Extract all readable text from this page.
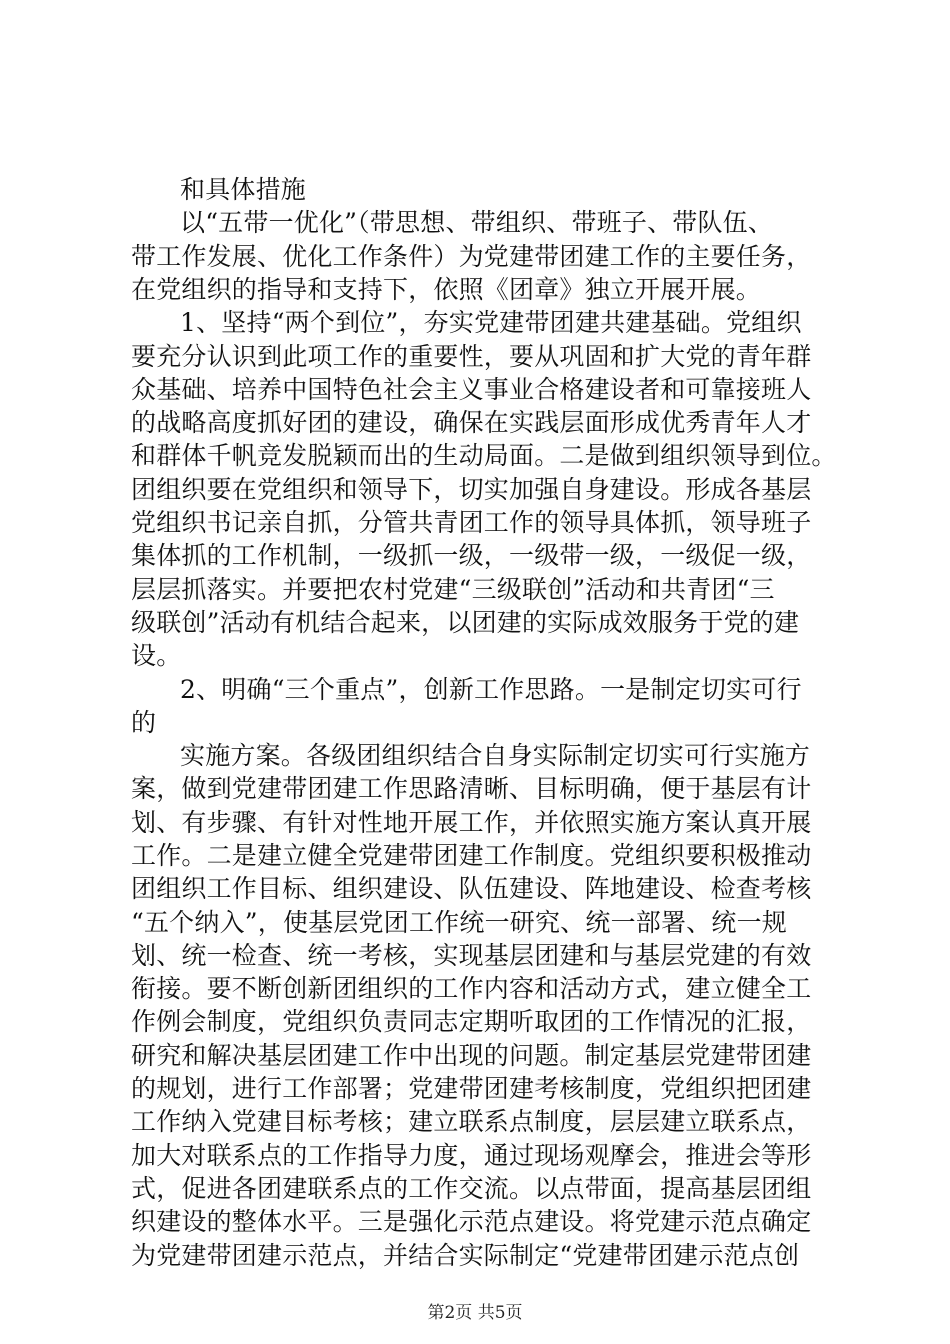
和具体措施
以“五带一优化”（带思想、带组织、带班子、带队伍、
带工作发展、优化工作条件）为党建带团建工作的主要任务，
在党组织的指导和支持下，依照《团章》独立开展开展。
1、坚持“两个到位”，夯实党建带团建共建基础。党组织
要充分认识到此项工作的重要性，要从巩固和扩大党的青年群
众基础、培养中国特色社会主义事业合格建设者和可靠接班人
的战略高度抓好团的建设，确保在实践层面形成优秀青年人才
和群体千帆竞发脱颖而出的生动局面。二是做到组织领导到位。
团组织要在党组织和领导下，切实加强自身建设。形成各基层
党组织书记亲自抓，分管共青团工作的领导具体抓，领导班子
集体抓的工作机制，一级抓一级，一级带一级，一级促一级，
层层抓落实。并要把农村党建“三级联创”活动和共青团“三
级联创”活动有机结合起来，以团建的实际成效服务于党的建
设。
2、明确“三个重点”，创新工作思路。一是制定切实可行
的
实施方案。各级团组织结合自身实际制定切实可行实施方
案，做到党建带团建工作思路清晰、目标明确，便于基层有计
划、有步骤、有针对性地开展工作，并依照实施方案认真开展
工作。二是建立健全党建带团建工作制度。党组织要积极推动
团组织工作目标、组织建设、队伍建设、阵地建设、检查考核
“五个纳入”，使基层党团工作统一研究、统一部署、统一规
划、统一检查、统一考核，实现基层团建和与基层党建的有效
衔接。要不断创新团组织的工作内容和活动方式，建立健全工
作例会制度，党组织负责同志定期听取团的工作情况的汇报，
研究和解决基层团建工作中出现的问题。制定基层党建带团建
的规划，进行工作部署；党建带团建考核制度，党组织把团建
工作纳入党建目标考核；建立联系点制度，层层建立联系点，
加大对联系点的工作指导力度，通过现场观摩会，推进会等形
式，促进各团建联系点的工作交流。以点带面，提高基层团组
织建设的整体水平。三是强化示范点建设。将党建示范点确定
为党建带团建示范点，并结合实际制定“党建带团建示范点创
第2页 共5页
